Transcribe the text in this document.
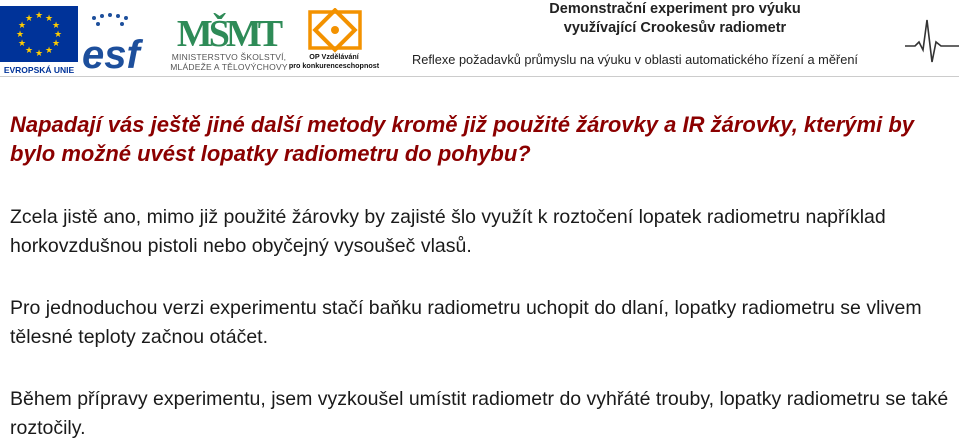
★ ★
★
★
★
★
★
★
★
★
★
★
EVROPSKÁ UNIE esf MŠMT
MINISTERSTVO ŠKOLSTVÍ,
MLÁDEŽE A TĚLOVÝCHOVY
OP Vzdělávání
pro konkurenceschopnost
Demonstrační experiment pro výuku
využívající Crookesův radiometr
Reflexe požadavků průmyslu na výuku v oblasti automatického řízení a měření
Napadají vás ještě jiné další metody kromě již použité žárovky a IR žárovky, kterými by bylo možné uvést lopatky radiometru do pohybu?
Zcela jistě ano, mimo již použité žárovky by zajisté šlo využít k roztočení lopatek radiometru například horkovzdušnou pistoli nebo obyčejný vysoušeč vlasů.
Pro jednoduchou verzi experimentu stačí baňku radiometru uchopit do dlaní, lopatky radiometru se vlivem tělesné teploty začnou otáčet.
Během přípravy experimentu, jsem vyzkoušel umístit radiometr do vyhřáté trouby, lopatky radiometru se také roztočily.
